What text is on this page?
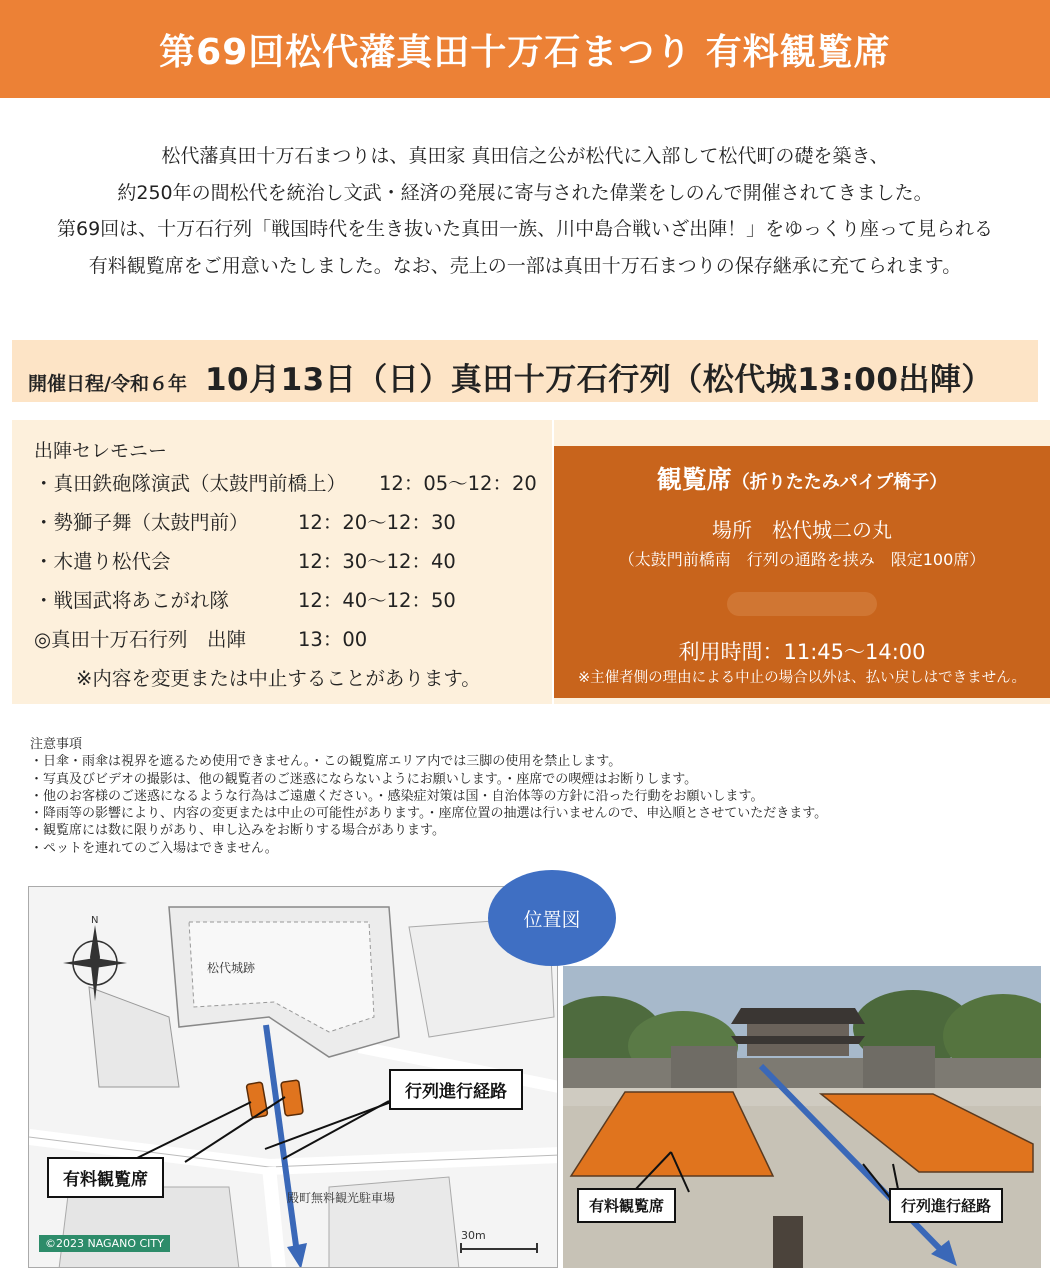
第69回松代藩真田十万石まつり 有料観覧席

松代藩真田十万石まつりは、真田家 真田信之公が松代に入部して松代町の礎を築き、

約250年の間松代を統治し文武・経済の発展に寄与された偉業をしのんで開催されてきました。

第69回は、十万石行列「戦国時代を生き抜いた真田一族、川中島合戦いざ出陣！」をゆっくり座って見られる

有料観覧席をご用意いたしました。なお、売上の一部は真田十万石まつりの保存継承に充てられます。

開催日程/令和６年 10月13日（日）真田十万石行列（松代城13:00出陣）
出陣セレモニー
・真田鉄砲隊演武（太鼓門前橋上）	12：05～12：20
・勢獅子舞（太鼓門前）	12：20～12：30
・木遣り松代会	12：30～12：40
・戦国武将あこがれ隊	12：40～12：50
◎真田十万石行列　出陣	13：00
※内容を変更または中止することがあります。
観覧席（折りたたみパイプ椅子）
場所　松代城二の丸
（太鼓門前橋南　行列の通路を挟み　限定100席）
利用時間：11:45～14:00
※主催者側の理由による中止の場合以外は、払い戻しはできません。
注意事項
・日傘・雨傘は視界を遮るため使用できません。・この観覧席エリア内では三脚の使用を禁止します。
・写真及びビデオの撮影は、他の観覧者のご迷惑にならないようにお願いします。・座席での喫煙はお断りします。
・他のお客様のご迷惑になるような行為はご遠慮ください。・感染症対策は国・自治体等の方針に沿った行動をお願いします。
・降雨等の影響により、内容の変更または中止の可能性があります。・座席位置の抽選は行いませんので、申込順とさせていただきます。
・観覧席には数に限りがあり、申し込みをお断りする場合があります。
・ペットを連れてのご入場はできません。
N
松代城跡
殿町無料観光駐車場
30m
行列進行経路
有料観覧席
©2023 NAGANO CITY
位置図
有料観覧席	行列進行経路
